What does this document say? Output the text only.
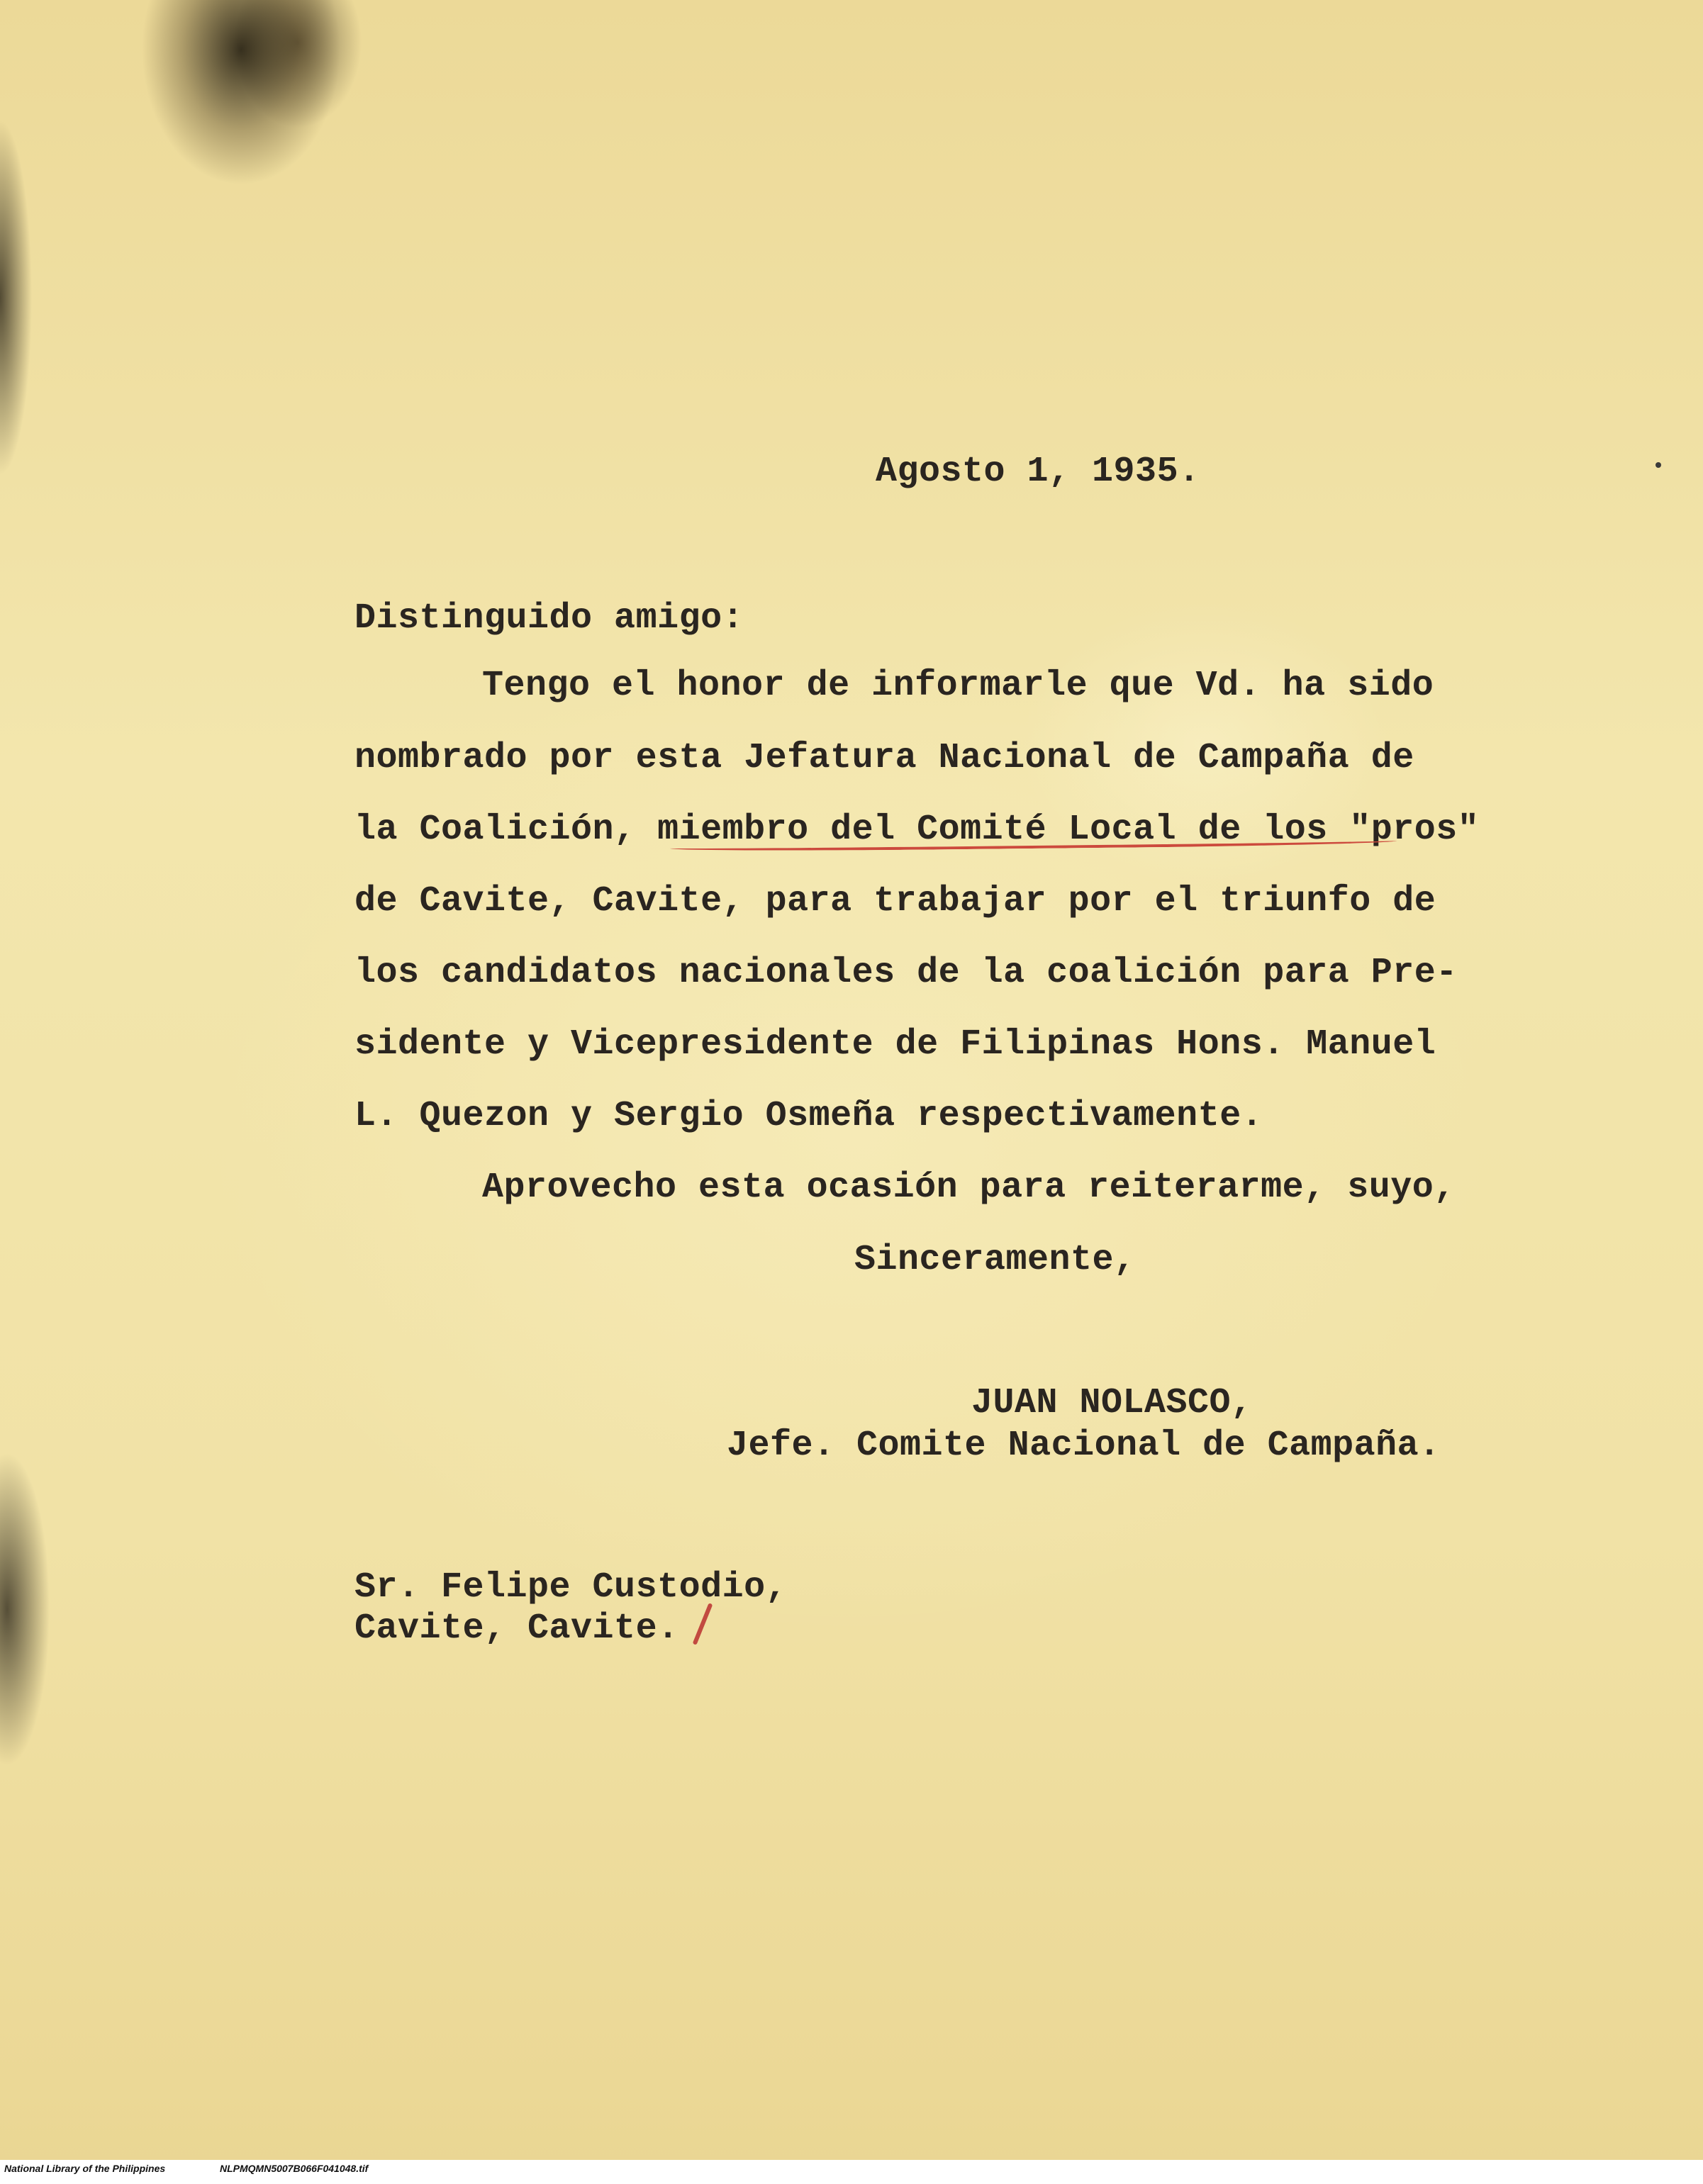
Agosto 1, 1935.

Distinguido amigo:

Tengo el honor de informarle que Vd. ha sido

nombrado por esta Jefatura Nacional de Campaña de

la Coalición, miembro del Comité Local de los "pros"

de Cavite, Cavite, para trabajar por el triunfo de

los candidatos nacionales de la coalición para Pre-

sidente y Vicepresidente de Filipinas Hons. Manuel

L. Quezon y Sergio Osmeña respectivamente.

Aprovecho esta ocasión para reiterarme, suyo,

Sinceramente,

JUAN NOLASCO,

Jefe. Comite Nacional de Campaña.

Sr. Felipe Custodio,

Cavite, Cavite.

National Library of the Philippines	NLPMQMN5007B066F041048.tif
